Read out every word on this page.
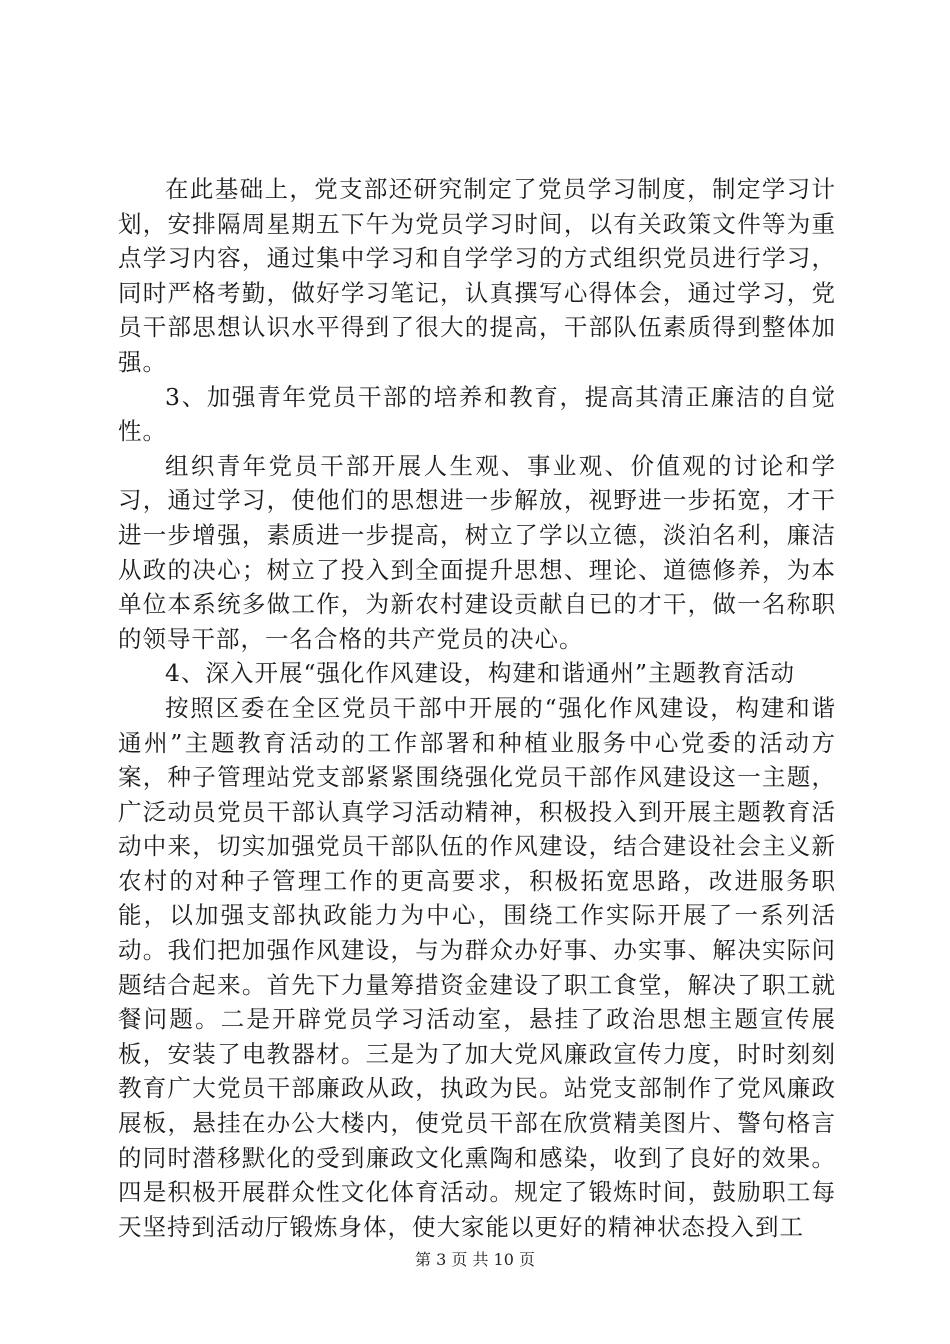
在此基础上，党支部还研究制定了党员学习制度，制定学习计划，安排隔周星期五下午为党员学习时间，以有关政策文件等为重点学习内容，通过集中学习和自学学习的方式组织党员进行学习，同时严格考勤，做好学习笔记，认真撰写心得体会，通过学习，党员干部思想认识水平得到了很大的提高，干部队伍素质得到整体加强。

3、加强青年党员干部的培养和教育，提高其清正廉洁的自觉性。

组织青年党员干部开展人生观、事业观、价值观的讨论和学习，通过学习，使他们的思想进一步解放，视野进一步拓宽，才干进一步增强，素质进一步提高，树立了学以立德，淡泊名利，廉洁从政的决心；树立了投入到全面提升思想、理论、道德修养，为本单位本系统多做工作，为新农村建设贡献自已的才干，做一名称职的领导干部，一名合格的共产党员的决心。

4、深入开展“强化作风建设，构建和谐通州”主题教育活动

按照区委在全区党员干部中开展的“强化作风建设，构建和谐通州”主题教育活动的工作部署和种植业服务中心党委的活动方案，种子管理站党支部紧紧围绕强化党员干部作风建设这一主题，广泛动员党员干部认真学习活动精神，积极投入到开展主题教育活动中来，切实加强党员干部队伍的作风建设，结合建设社会主义新农村的对种子管理工作的更高要求，积极拓宽思路，改进服务职能，以加强支部执政能力为中心，围绕工作实际开展了一系列活动。我们把加强作风建设，与为群众办好事、办实事、解决实际问题结合起来。首先下力量筹措资金建设了职工食堂，解决了职工就餐问题。二是开辟党员学习活动室，悬挂了政治思想主题宣传展板，安装了电教器材。三是为了加大党风廉政宣传力度，时时刻刻教育广大党员干部廉政从政，执政为民。站党支部制作了党风廉政展板，悬挂在办公大楼内，使党员干部在欣赏精美图片、警句格言的同时潜移默化的受到廉政文化熏陶和感染，收到了良好的效果。四是积极开展群众性文化体育活动。规定了锻炼时间，鼓励职工每天坚持到活动厅锻炼身体，使大家能以更好的精神状态投入到工

第 3 页 共 10 页
